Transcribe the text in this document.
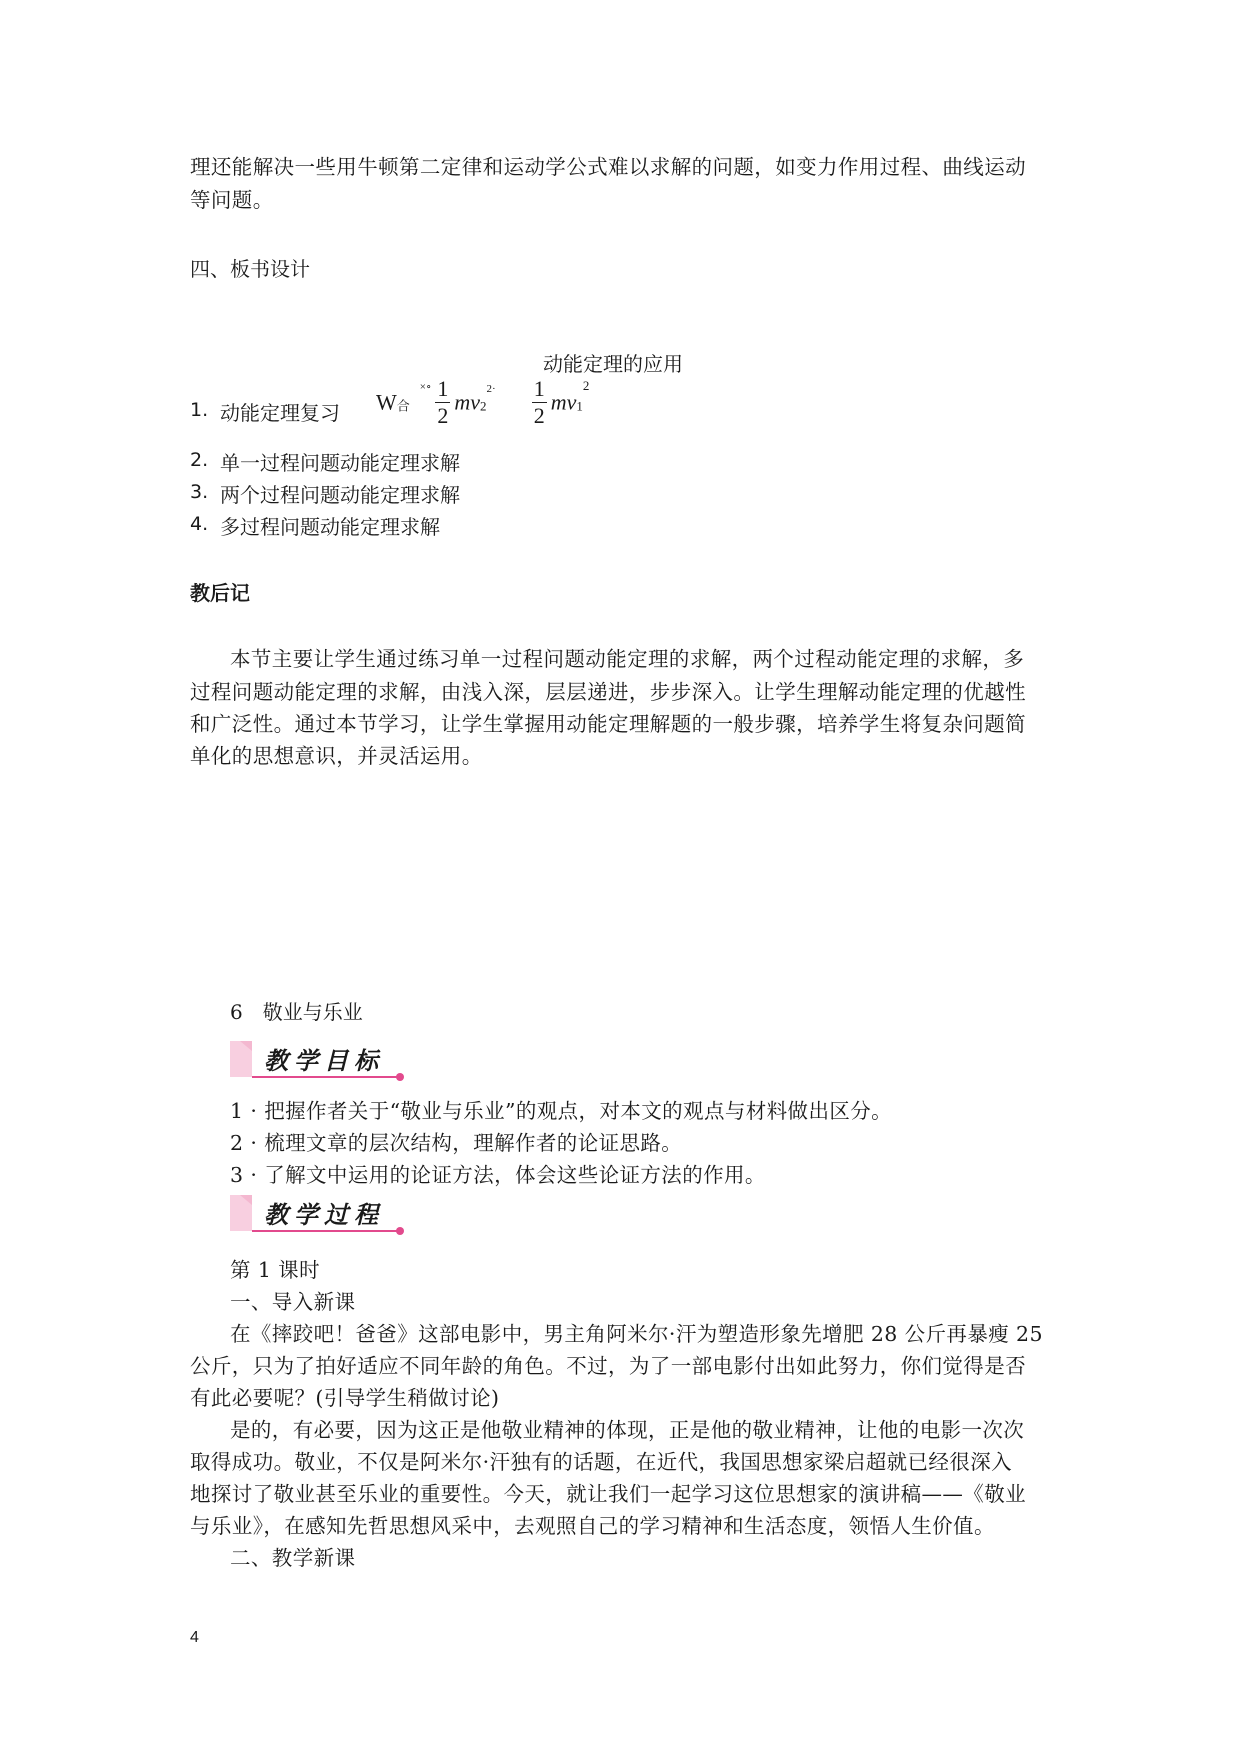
理还能解决一些用牛顿第二定律和运动学公式难以求解的问题，如变力作用过程、曲线运动
等问题。
四、板书设计
动能定理的应用
1. 动能定理复习 $W_合$ $^{\times\circ} \frac{1}{2} mv_2^{2\cdot} \frac{1}{2} mv_1^2$
2. 单一过程问题动能定理求解
3. 两个过程问题动能定理求解
4. 多过程问题动能定理求解
教后记
本节主要让学生通过练习单一过程问题动能定理的求解，两个过程动能定理的求解，多
过程问题动能定理的求解，由浅入深，层层递进，步步深入。让学生理解动能定理的优越性
和广泛性。通过本节学习，让学生掌握用动能定理解题的一般步骤，培养学生将复杂问题简
单化的思想意识，并灵活运用。
6　敬业与乐业
教学目标
1 · 把握作者关于“敬业与乐业”的观点，对本文的观点与材料做出区分。
2 · 梳理文章的层次结构，理解作者的论证思路。
3 · 了解文中运用的论证方法，体会这些论证方法的作用。
教学过程
第 1 课时
一、导入新课
在《摔跤吧！爸爸》这部电影中，男主角阿米尔·汗为塑造形象先增肥 28 公斤再暴瘦 25
公斤，只为了拍好适应不同年龄的角色。不过，为了一部电影付出如此努力，你们觉得是否
有此必要呢？(引导学生稍做讨论)
是的，有必要，因为这正是他敬业精神的体现，正是他的敬业精神，让他的电影一次次
取得成功。敬业，不仅是阿米尔·汗独有的话题，在近代，我国思想家梁启超就已经很深入
地探讨了敬业甚至乐业的重要性。今天，就让我们一起学习这位思想家的演讲稿——《敬业
与乐业》，在感知先哲思想风采中，去观照自己的学习精神和生活态度，领悟人生价值。
二、教学新课
4
